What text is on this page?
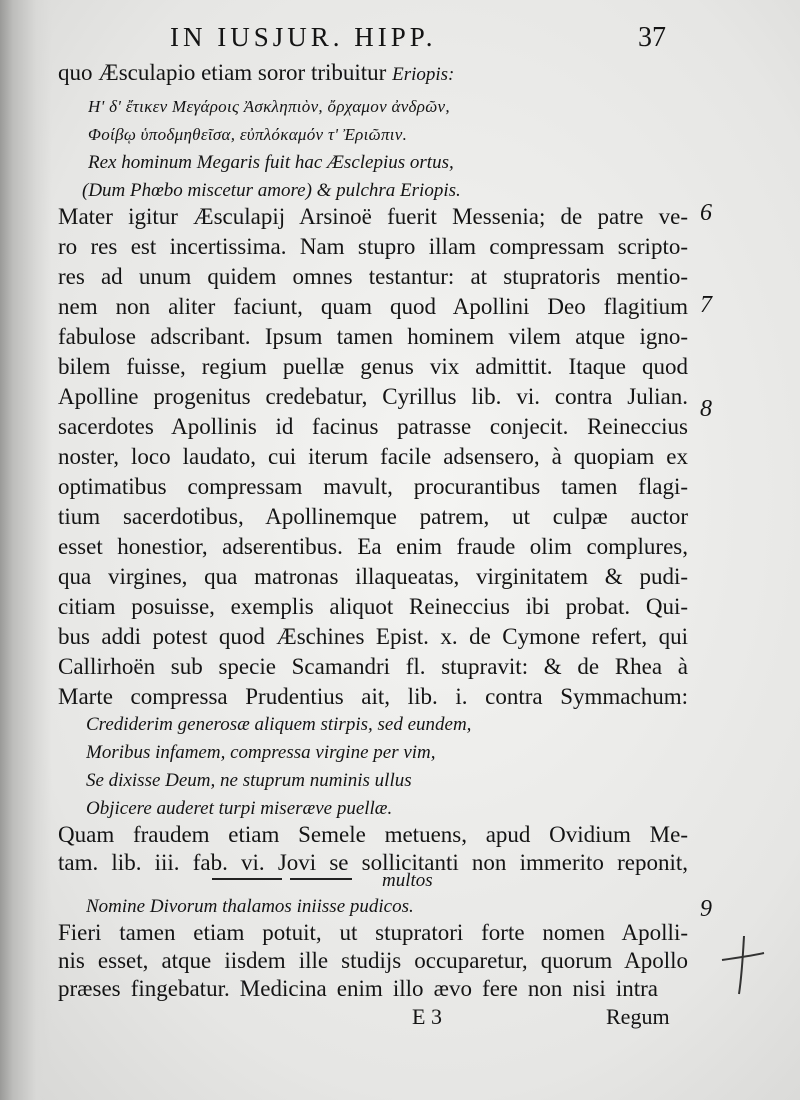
IN IUSJUR. HIPP.	37
quo Æsculapio etiam soror tribuitur Eriopis:
Ηʹ δʹ ἔτικεν Μεγάροις Ἀσκληπιὸν, ὄρχαμον ἀνδρῶν,
Φοίβῳ ὑποδμηθεῖσα, εὐπλόκαμόν τʹ Ἐριῶπιν.
Rex hominum Megaris fuit hac Æsclepius ortus,
(Dum Phœbo miscetur amore) & pulchra Eriopis.
Mater igitur Æsculapij Arsinoë fuerit Messenia; de patre ve-
ro res est incertissima. Nam stupro illam compressam scripto-
res ad unum quidem omnes testantur: at stupratoris mentio-
nem non aliter faciunt, quam quod Apollini Deo flagitium
fabulose adscribant. Ipsum tamen hominem vilem atque igno-
bilem fuisse, regium puellæ genus vix admittit. Itaque quod
Apolline progenitus credebatur, Cyrillus lib. vi. contra Julian.
sacerdotes Apollinis id facinus patrasse conjecit. Reineccius
noster, loco laudato, cui iterum facile adsensero, à quopiam ex
optimatibus compressam mavult, procurantibus tamen flagi-
tium sacerdotibus, Apollinemque patrem, ut culpæ auctor
esset honestior, adserentibus. Ea enim fraude olim complures,
qua virgines, qua matronas illaqueatas, virginitatem & pudi-
citiam posuisse, exemplis aliquot Reineccius ibi probat. Qui-
bus addi potest quod Æschines Epist. x. de Cymone refert, qui
Callirhoën sub specie Scamandri fl. stupravit: & de Rhea à
Marte compressa Prudentius ait, lib. i. contra Symmachum:
Crediderim generosæ aliquem stirpis, sed eundem,
Moribus infamem, compressa virgine per vim,
Se dixisse Deum, ne stuprum numinis ullus
Objicere auderet turpi miseræve puellæ.
Quam fraudem etiam Semele metuens, apud Ovidium Me-
tam. lib. iii. fab. vi. Jovi se sollicitanti non immerito reponit,
multos
Nomine Divorum thalamos iniisse pudicos.
Fieri tamen etiam potuit, ut stupratori forte nomen Apolli-
nis esset, atque iisdem ille studijs occuparetur, quorum Apollo
præses fingebatur. Medicina enim illo ævo fere non nisi intra
E 3	Regum
6
7
8
9
